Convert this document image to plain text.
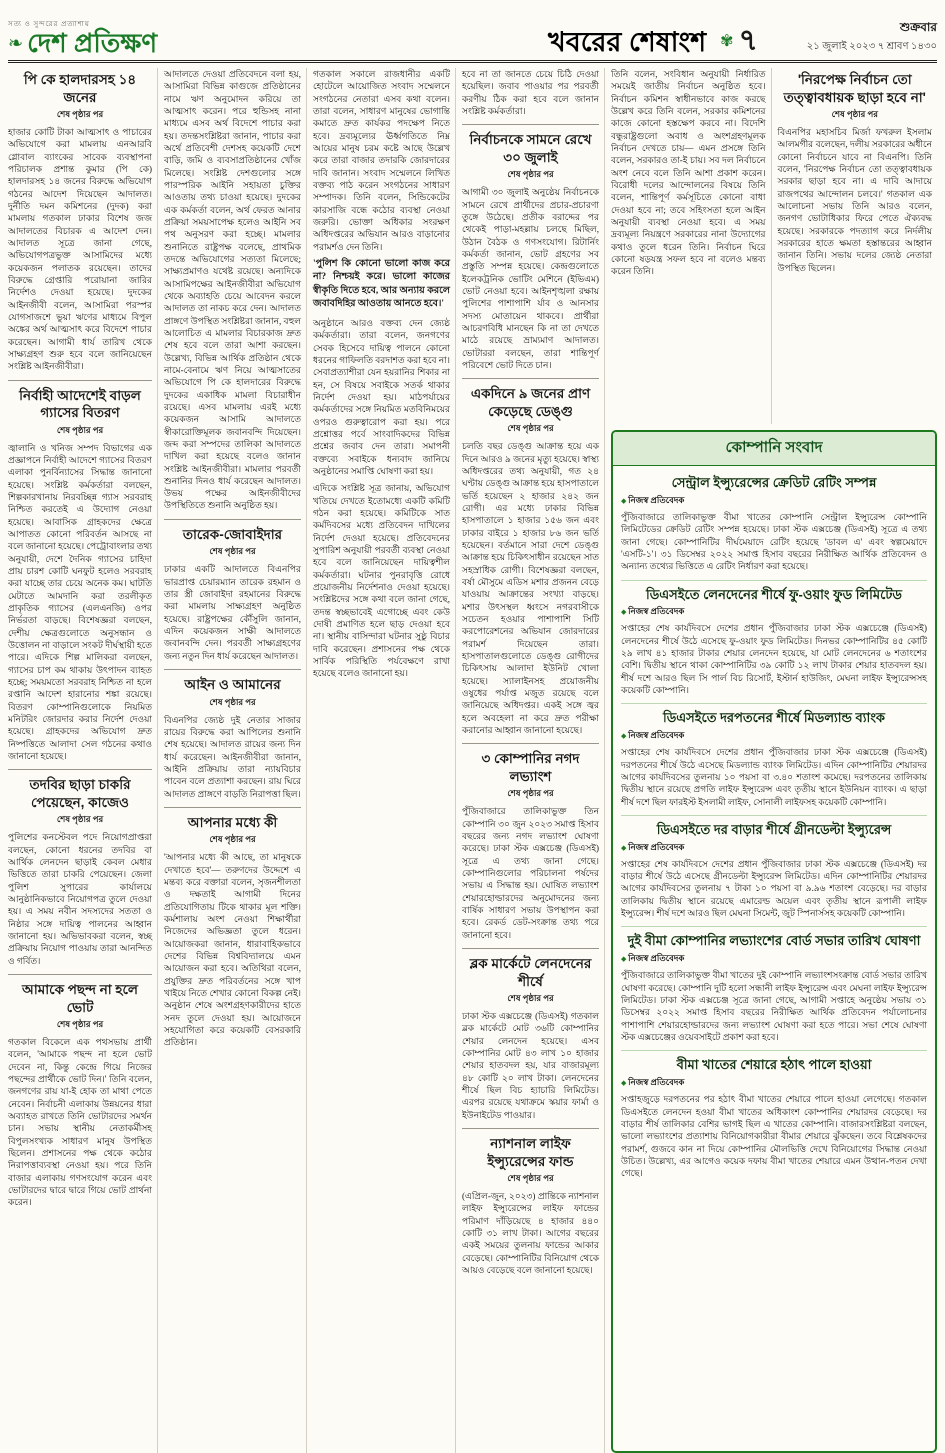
সত্য ও সুন্দরের প্রত্যাশায়
❧ দেশ প্রতিক্ষণ	খবরের শেষাংশ ✾ ৭	শুক্রবার
২১ জুলাই ২০২৩ ৭ শ্রাবণ ১৪৩০
পি কে হালদারসহ ১৪ জনের
শেষ পৃষ্ঠার পর
হাজার কোটি টাকা আত্মসাৎ ও পাচারের অভিযোগে করা মামলায় এনআরবি গ্লোবাল ব্যাংকের সাবেক ব্যবস্থাপনা পরিচালক প্রশান্ত কুমার (পি কে) হালদারসহ ১৪ জনের বিরুদ্ধে অভিযোগ গঠনের আদেশ দিয়েছেন আদালত। দুর্নীতি দমন কমিশনের (দুদক) করা মামলায় গতকাল ঢাকার বিশেষ জজ আদালতের বিচারক এ আদেশ দেন। আদালত সূত্রে জানা গেছে, অভিযোগপত্রভুক্ত আসামিদের মধ্যে কয়েকজন পলাতক রয়েছেন। তাদের বিরুদ্ধে গ্রেপ্তারি পরোয়ানা জারির নির্দেশও দেওয়া হয়েছে। দুদকের আইনজীবী বলেন, আসামিরা পরস্পর যোগসাজশে ভুয়া ঋণের মাধ্যমে বিপুল অঙ্কের অর্থ আত্মসাৎ করে বিদেশে পাচার করেছেন। আগামী ধার্য তারিখ থেকে সাক্ষ্যগ্রহণ শুরু হবে বলে জানিয়েছেন সংশ্লিষ্ট আইনজীবীরা।
নির্বাহী আদেশেই বাড়ল গ্যাসের বিতরণ
শেষ পৃষ্ঠার পর
জ্বালানি ও খনিজ সম্পদ বিভাগের এক প্রজ্ঞাপনে নির্বাহী আদেশে গ্যাসের বিতরণ এলাকা পুনর্বিন্যাসের সিদ্ধান্ত জানানো হয়েছে। সংশ্লিষ্ট কর্মকর্তারা বলছেন, শিল্পকারখানায় নিরবচ্ছিন্ন গ্যাস সরবরাহ নিশ্চিত করতেই এ উদ্যোগ নেওয়া হয়েছে। আবাসিক গ্রাহকদের ক্ষেত্রে আপাতত কোনো পরিবর্তন আসছে না বলে জানানো হয়েছে। পেট্রোবাংলার তথ্য অনুযায়ী, দেশে দৈনিক গ্যাসের চাহিদা প্রায় চারশ কোটি ঘনফুট হলেও সরবরাহ করা যাচ্ছে তার চেয়ে অনেক কম। ঘাটতি মেটাতে আমদানি করা তরলীকৃত প্রাকৃতিক গ্যাসের (এলএনজি) ওপর নির্ভরতা বাড়ছে। বিশেষজ্ঞরা বলছেন, দেশীয় ক্ষেত্রগুলোতে অনুসন্ধান ও উত্তোলন না বাড়ালে সংকট দীর্ঘস্থায়ী হতে পারে। এদিকে শিল্প মালিকরা বলছেন, গ্যাসের চাপ কম থাকায় উৎপাদন ব্যাহত হচ্ছে; সময়মতো সরবরাহ নিশ্চিত না হলে রপ্তানি আদেশ হারানোর শঙ্কা রয়েছে। বিতরণ কোম্পানিগুলোকে নিয়মিত মনিটরিং জোরদার করার নির্দেশ দেওয়া হয়েছে। গ্রাহকদের অভিযোগ দ্রুত নিষ্পত্তিতে আলাদা সেল গঠনের কথাও জানানো হয়েছে।
তদবির ছাড়া চাকরি পেয়েছেন, কাজেও
শেষ পৃষ্ঠার পর
পুলিশের কনস্টেবল পদে নিয়োগপ্রাপ্তরা বলছেন, কোনো ধরনের তদবির বা আর্থিক লেনদেন ছাড়াই কেবল মেধার ভিত্তিতে তারা চাকরি পেয়েছেন। জেলা পুলিশ সুপারের কার্যালয়ে আনুষ্ঠানিকভাবে নিয়োগপত্র তুলে দেওয়া হয়। এ সময় নবীন সদস্যদের সততা ও নিষ্ঠার সঙ্গে দায়িত্ব পালনের আহ্বান জানানো হয়। অভিভাবকরা বলেন, স্বচ্ছ প্রক্রিয়ায় নিয়োগ পাওয়ায় তারা আনন্দিত ও গর্বিত।
আমাকে পছন্দ না হলে ভোট
শেষ পৃষ্ঠার পর
গতকাল বিকেলে এক পথসভায় প্রার্থী বলেন, 'আমাকে পছন্দ না হলে ভোট দেবেন না, কিন্তু কেন্দ্রে গিয়ে নিজের পছন্দের প্রার্থীকে ভোট দিন।' তিনি বলেন, জনগণের রায় যা-ই হোক তা মাথা পেতে নেবেন। নির্বাচনী এলাকায় উন্নয়নের ধারা অব্যাহত রাখতে তিনি ভোটারদের সমর্থন চান। সভায় স্থানীয় নেতাকর্মীসহ বিপুলসংখ্যক সাধারণ মানুষ উপস্থিত ছিলেন। প্রশাসনের পক্ষ থেকে কঠোর নিরাপত্তাব্যবস্থা নেওয়া হয়। পরে তিনি বাজার এলাকায় গণসংযোগ করেন এবং ভোটারদের দ্বারে দ্বারে গিয়ে ভোট প্রার্থনা করেন।
আদালতে দেওয়া প্রতিবেদনে বলা হয়, আসামিরা বিভিন্ন কাগুজে প্রতিষ্ঠানের নামে ঋণ অনুমোদন করিয়ে তা আত্মসাৎ করেন। পরে হুন্ডিসহ নানা মাধ্যমে এসব অর্থ বিদেশে পাচার করা হয়। তদন্তসংশ্লিষ্টরা জানান, পাচার করা অর্থে প্রতিবেশী দেশসহ কয়েকটি দেশে বাড়ি, জমি ও ব্যবসাপ্রতিষ্ঠানের খোঁজ মিলেছে। সংশ্লিষ্ট দেশগুলোর সঙ্গে পারস্পরিক আইনি সহায়তা চুক্তির আওতায় তথ্য চাওয়া হয়েছে। দুদকের এক কর্মকর্তা বলেন, অর্থ ফেরত আনার প্রক্রিয়া সময়সাপেক্ষ হলেও আইনি সব পথ অনুসরণ করা হচ্ছে। মামলার শুনানিতে রাষ্ট্রপক্ষ বলেছে, প্রাথমিক তদন্তে অভিযোগের সত্যতা মিলেছে; সাক্ষ্যপ্রমাণও যথেষ্ট রয়েছে। অন্যদিকে আসামিপক্ষের আইনজীবীরা অভিযোগ থেকে অব্যাহতি চেয়ে আবেদন করলে আদালত তা নাকচ করে দেন। আদালত প্রাঙ্গণে উপস্থিত সংশ্লিষ্টরা জানান, বহুল আলোচিত এ মামলার বিচারকাজ দ্রুত শেষ হবে বলে তারা আশা করছেন। উল্লেখ্য, বিভিন্ন আর্থিক প্রতিষ্ঠান থেকে নামে-বেনামে ঋণ নিয়ে আত্মসাতের অভিযোগে পি কে হালদারের বিরুদ্ধে দুদকের একাধিক মামলা বিচারাধীন রয়েছে। এসব মামলায় এরই মধ্যে কয়েকজন আসামি আদালতে স্বীকারোক্তিমূলক জবানবন্দি দিয়েছেন। জব্দ করা সম্পদের তালিকা আদালতে দাখিল করা হয়েছে বলেও জানান সংশ্লিষ্ট আইনজীবীরা। মামলার পরবর্তী শুনানির দিনও ধার্য করেছেন আদালত। উভয় পক্ষের আইনজীবীদের উপস্থিতিতে শুনানি অনুষ্ঠিত হয়।
তারেক-জোবাইদার
শেষ পৃষ্ঠার পর
ঢাকার একটি আদালতে বিএনপির ভারপ্রাপ্ত চেয়ারম্যান তারেক রহমান ও তার স্ত্রী জোবাইদা রহমানের বিরুদ্ধে করা মামলায় সাক্ষ্যগ্রহণ অনুষ্ঠিত হয়েছে। রাষ্ট্রপক্ষের কৌঁসুলি জানান, এদিন কয়েকজন সাক্ষী আদালতে জবানবন্দি দেন। পরবর্তী সাক্ষ্যগ্রহণের জন্য নতুন দিন ধার্য করেছেন আদালত।
আইন ও আমানের
শেষ পৃষ্ঠার পর
বিএনপির জ্যেষ্ঠ দুই নেতার সাজার রায়ের বিরুদ্ধে করা আপিলের শুনানি শেষ হয়েছে। আদালত রায়ের জন্য দিন ধার্য করেছেন। আইনজীবীরা জানান, আইনি প্রক্রিয়ায় তারা ন্যায়বিচার পাবেন বলে প্রত্যাশা করছেন। রায় ঘিরে আদালত প্রাঙ্গণে বাড়তি নিরাপত্তা ছিল।
আপনার মধ্যে কী
শেষ পৃষ্ঠার পর
'আপনার মধ্যে কী আছে, তা মানুষকে দেখাতে হবে'— তরুণদের উদ্দেশে এ মন্তব্য করে বক্তারা বলেন, সৃজনশীলতা ও দক্ষতাই আগামী দিনের প্রতিযোগিতায় টিকে থাকার মূল শক্তি। কর্মশালায় অংশ নেওয়া শিক্ষার্থীরা নিজেদের অভিজ্ঞতা তুলে ধরেন। আয়োজকরা জানান, ধারাবাহিকভাবে দেশের বিভিন্ন বিশ্ববিদ্যালয়ে এমন আয়োজন করা হবে। অতিথিরা বলেন, প্রযুক্তির দ্রুত পরিবর্তনের সঙ্গে খাপ খাইয়ে নিতে শেখার কোনো বিকল্প নেই। অনুষ্ঠান শেষে অংশগ্রহণকারীদের হাতে সনদ তুলে দেওয়া হয়। আয়োজনে সহযোগিতা করে কয়েকটি বেসরকারি প্রতিষ্ঠান।
গতকাল সকালে রাজধানীর একটি হোটেলে আয়োজিত সংবাদ সম্মেলনে সংগঠনের নেতারা এসব কথা বলেন। তারা বলেন, সাধারণ মানুষের ভোগান্তি কমাতে দ্রুত কার্যকর পদক্ষেপ নিতে হবে। দ্রব্যমূল্যের ঊর্ধ্বগতিতে নিম্ন আয়ের মানুষ চরম কষ্টে আছে উল্লেখ করে তারা বাজার তদারকি জোরদারের দাবি জানান। সংবাদ সম্মেলনে লিখিত বক্তব্য পাঠ করেন সংগঠনের সাধারণ সম্পাদক। তিনি বলেন, সিন্ডিকেটের কারসাজি বন্ধে কঠোর ব্যবস্থা নেওয়া জরুরি। ভোক্তা অধিকার সংরক্ষণ অধিদপ্তরের অভিযান আরও বাড়ানোর পরামর্শও দেন তিনি।
'পুলিশ কি কোনো ভালো কাজ করে না? নিশ্চয়ই করে। ভালো কাজের স্বীকৃতি দিতে হবে, আর অন্যায় করলে জবাবদিহির আওতায় আনতে হবে।'
অনুষ্ঠানে আরও বক্তব্য দেন জ্যেষ্ঠ কর্মকর্তারা। তারা বলেন, জনগণের সেবক হিসেবে দায়িত্ব পালনে কোনো ধরনের গাফিলতি বরদাশত করা হবে না। সেবাপ্রত্যাশীরা যেন হয়রানির শিকার না হন, সে বিষয়ে সবাইকে সতর্ক থাকার নির্দেশ দেওয়া হয়। মাঠপর্যায়ের কর্মকর্তাদের সঙ্গে নিয়মিত মতবিনিময়ের ওপরও গুরুত্বারোপ করা হয়। পরে প্রশ্নোত্তর পর্বে সাংবাদিকদের বিভিন্ন প্রশ্নের জবাব দেন তারা। সমাপনী বক্তব্যে সবাইকে ধন্যবাদ জানিয়ে অনুষ্ঠানের সমাপ্তি ঘোষণা করা হয়।
এদিকে সংশ্লিষ্ট সূত্র জানায়, অভিযোগ খতিয়ে দেখতে ইতোমধ্যে একটি কমিটি গঠন করা হয়েছে। কমিটিকে সাত কর্মদিবসের মধ্যে প্রতিবেদন দাখিলের নির্দেশ দেওয়া হয়েছে। প্রতিবেদনের সুপারিশ অনুযায়ী পরবর্তী ব্যবস্থা নেওয়া হবে বলে জানিয়েছেন দায়িত্বশীল কর্মকর্তারা। ঘটনার পুনরাবৃত্তি রোধে প্রয়োজনীয় নির্দেশনাও দেওয়া হয়েছে। সংশ্লিষ্টদের সঙ্গে কথা বলে জানা গেছে, তদন্ত স্বচ্ছভাবেই এগোচ্ছে এবং কেউ দোষী প্রমাণিত হলে ছাড় দেওয়া হবে না। স্থানীয় বাসিন্দারা ঘটনার সুষ্ঠু বিচার দাবি করেছেন। প্রশাসনের পক্ষ থেকে সার্বিক পরিস্থিতি পর্যবেক্ষণে রাখা হয়েছে বলেও জানানো হয়।
হবে না তা জানতে চেয়ে চিঠি দেওয়া হয়েছিল। জবাব পাওয়ার পর পরবর্তী করণীয় ঠিক করা হবে বলে জানান সংশ্লিষ্ট কর্মকর্তারা।
নির্বাচনকে সামনে রেখে ৩০ জুলাই
শেষ পৃষ্ঠার পর
আগামী ৩০ জুলাই অনুষ্ঠেয় নির্বাচনকে সামনে রেখে প্রার্থীদের প্রচার-প্রচারণা তুঙ্গে উঠেছে। প্রতীক বরাদ্দের পর থেকেই পাড়া-মহল্লায় চলছে মিছিল, উঠান বৈঠক ও গণসংযোগ। রিটার্নিং কর্মকর্তা জানান, ভোট গ্রহণের সব প্রস্তুতি সম্পন্ন হয়েছে। কেন্দ্রগুলোতে ইলেকট্রনিক ভোটিং মেশিনে (ইভিএম) ভোট নেওয়া হবে। আইনশৃঙ্খলা রক্ষায় পুলিশের পাশাপাশি র্যাব ও আনসার সদস্য মোতায়েন থাকবে। প্রার্থীরা আচরণবিধি মানছেন কি না তা দেখতে মাঠে রয়েছে ভ্রাম্যমাণ আদালত। ভোটাররা বলছেন, তারা শান্তিপূর্ণ পরিবেশে ভোট দিতে চান।
একদিনে ৯ জনের প্রাণ কেড়েছে ডেঙ্গু
শেষ পৃষ্ঠার পর
চলতি বছর ডেঙ্গু আক্রান্ত হয়ে এক দিনে আরও ৯ জনের মৃত্যু হয়েছে। স্বাস্থ্য অধিদপ্তরের তথ্য অনুযায়ী, গত ২৪ ঘণ্টায় ডেঙ্গু আক্রান্ত হয়ে হাসপাতালে ভর্তি হয়েছেন ২ হাজার ২৪২ জন রোগী। এর মধ্যে ঢাকার বিভিন্ন হাসপাতালে ১ হাজার ১৫৬ জন এবং ঢাকার বাইরে ১ হাজার ৮৬ জন ভর্তি হয়েছেন। বর্তমানে সারা দেশে ডেঙ্গু আক্রান্ত হয়ে চিকিৎসাধীন রয়েছেন সাত সহস্রাধিক রোগী। বিশেষজ্ঞরা বলছেন, বর্ষা মৌসুমে এডিস মশার প্রজনন বেড়ে যাওয়ায় আক্রান্তের সংখ্যা বাড়ছে। মশার উৎসস্থল ধ্বংসে নগরবাসীকে সচেতন হওয়ার পাশাপাশি সিটি করপোরেশনের অভিযান জোরদারের পরামর্শ দিয়েছেন তারা। হাসপাতালগুলোতে ডেঙ্গু রোগীদের চিকিৎসায় আলাদা ইউনিট খোলা হয়েছে। স্যালাইনসহ প্রয়োজনীয় ওষুধের পর্যাপ্ত মজুত রয়েছে বলে জানিয়েছে অধিদপ্তর। একই সঙ্গে জ্বর হলে অবহেলা না করে দ্রুত পরীক্ষা করানোর আহ্বান জানানো হয়েছে।
৩ কোম্পানির নগদ লভ্যাংশ
শেষ পৃষ্ঠার পর
পুঁজিবাজারে তালিকাভুক্ত তিন কোম্পানি ৩০ জুন ২০২৩ সমাপ্ত হিসাব বছরের জন্য নগদ লভ্যাংশ ঘোষণা করেছে। ঢাকা স্টক এক্সচেঞ্জ (ডিএসই) সূত্রে এ তথ্য জানা গেছে। কোম্পানিগুলোর পরিচালনা পর্ষদের সভায় এ সিদ্ধান্ত হয়। ঘোষিত লভ্যাংশ শেয়ারহোল্ডারদের অনুমোদনের জন্য বার্ষিক সাধারণ সভায় উপস্থাপন করা হবে। রেকর্ড ডেট-সংক্রান্ত তথ্য পরে জানানো হবে।
ব্লক মার্কেটে লেনদেনের শীর্ষে
শেষ পৃষ্ঠার পর
ঢাকা স্টক এক্সচেঞ্জে (ডিএসই) গতকাল ব্লক মার্কেটে মোট ৩৬টি কোম্পানির শেয়ার লেনদেন হয়েছে। এসব কোম্পানির মোট ৪৩ লাখ ১০ হাজার শেয়ার হাতবদল হয়, যার বাজারমূল্য ৪৮ কোটি ২০ লাখ টাকা। লেনদেনের শীর্ষে ছিল বিচ হ্যাচারি লিমিটেড। এরপর রয়েছে যথাক্রমে স্কয়ার ফার্মা ও ইউনাইটেড পাওয়ার।
ন্যাশনাল লাইফ ইন্স্যুরেন্সের ফান্ড
শেষ পৃষ্ঠার পর
(এপ্রিল-জুন, ২০২৩) প্রান্তিকে ন্যাশনাল লাইফ ইন্স্যুরেন্সের লাইফ ফান্ডের পরিমাণ দাঁড়িয়েছে ৪ হাজার ৪৪০ কোটি ৩১ লাখ টাকা। আগের বছরের একই সময়ের তুলনায় ফান্ডের আকার বেড়েছে। কোম্পানিটির বিনিয়োগ থেকে আয়ও বেড়েছে বলে জানানো হয়েছে।
তিনি বলেন, সংবিধান অনুযায়ী নির্ধারিত সময়েই জাতীয় নির্বাচন অনুষ্ঠিত হবে। নির্বাচন কমিশন স্বাধীনভাবে কাজ করছে উল্লেখ করে তিনি বলেন, সরকার কমিশনের কাজে কোনো হস্তক্ষেপ করবে না। বিদেশি বন্ধুরাষ্ট্রগুলো অবাধ ও অংশগ্রহণমূলক নির্বাচন দেখতে চায়— এমন প্রসঙ্গে তিনি বলেন, সরকারও তা-ই চায়। সব দল নির্বাচনে অংশ নেবে বলে তিনি আশা প্রকাশ করেন। বিরোধী দলের আন্দোলনের বিষয়ে তিনি বলেন, শান্তিপূর্ণ কর্মসূচিতে কোনো বাধা দেওয়া হবে না; তবে সহিংসতা হলে আইন অনুযায়ী ব্যবস্থা নেওয়া হবে। এ সময় দ্রব্যমূল্য নিয়ন্ত্রণে সরকারের নানা উদ্যোগের কথাও তুলে ধরেন তিনি। নির্বাচন ঘিরে কোনো ষড়যন্ত্র সফল হবে না বলেও মন্তব্য করেন তিনি।
'নিরপেক্ষ নির্বাচন তো তত্ত্বাবধায়ক ছাড়া হবে না'
শেষ পৃষ্ঠার পর
বিএনপির মহাসচিব মির্জা ফখরুল ইসলাম আলমগীর বলেছেন, দলীয় সরকারের অধীনে কোনো নির্বাচনে যাবে না বিএনপি। তিনি বলেন, 'নিরপেক্ষ নির্বাচন তো তত্ত্বাবধায়ক সরকার ছাড়া হবে না। এ দাবি আদায়ে রাজপথের আন্দোলন চলবে।' গতকাল এক আলোচনা সভায় তিনি আরও বলেন, জনগণ ভোটাধিকার ফিরে পেতে ঐক্যবদ্ধ হয়েছে। সরকারকে পদত্যাগ করে নির্দলীয় সরকারের হাতে ক্ষমতা হস্তান্তরের আহ্বান জানান তিনি। সভায় দলের জ্যেষ্ঠ নেতারা উপস্থিত ছিলেন।
কোম্পানি সংবাদ
সেন্ট্রাল ইন্স্যুরেন্সের ক্রেডিট রেটিং সম্পন্ন
◆ নিজস্ব প্রতিবেদক
পুঁজিবাজারে তালিকাভুক্ত বীমা খাতের কোম্পানি সেন্ট্রাল ইন্স্যুরেন্স কোম্পানি লিমিটেডের ক্রেডিট রেটিং সম্পন্ন হয়েছে। ঢাকা স্টক এক্সচেঞ্জ (ডিএসই) সূত্রে এ তথ্য জানা গেছে। কোম্পানিটির দীর্ঘমেয়াদে রেটিং হয়েছে 'ডাবল এ' এবং স্বল্পমেয়াদে 'এসটি-১'। ৩১ ডিসেম্বর ২০২২ সমাপ্ত হিসাব বছরের নিরীক্ষিত আর্থিক প্রতিবেদন ও অন্যান্য তথ্যের ভিত্তিতে এ রেটিং নির্ধারণ করা হয়েছে।
ডিএসইতে লেনদেনের শীর্ষে ফু-ওয়াং ফুড লিমিটেড
◆ নিজস্ব প্রতিবেদক
সপ্তাহের শেষ কার্যদিবসে দেশের প্রধান পুঁজিবাজার ঢাকা স্টক এক্সচেঞ্জে (ডিএসই) লেনদেনের শীর্ষে উঠে এসেছে ফু-ওয়াং ফুড লিমিটেড। দিনভর কোম্পানিটির ৪৫ কোটি ২৯ লাখ ৪১ হাজার টাকার শেয়ার লেনদেন হয়েছে, যা মোট লেনদেনের ৬ শতাংশের বেশি। দ্বিতীয় স্থানে থাকা কোম্পানিটির ৩৯ কোটি ১২ লাখ টাকার শেয়ার হাতবদল হয়। শীর্ষ দশে আরও ছিল সি পার্ল বিচ রিসোর্ট, ইস্টার্ন হাউজিং, মেঘনা লাইফ ইন্স্যুরেন্সসহ কয়েকটি কোম্পানি।
ডিএসইতে দরপতনের শীর্ষে মিডল্যান্ড ব্যাংক
◆ নিজস্ব প্রতিবেদক
সপ্তাহের শেষ কার্যদিবসে দেশের প্রধান পুঁজিবাজার ঢাকা স্টক এক্সচেঞ্জে (ডিএসই) দরপতনের শীর্ষে উঠে এসেছে মিডল্যান্ড ব্যাংক লিমিটেড। এদিন কোম্পানিটির শেয়ারদর আগের কার্যদিবসের তুলনায় ১০ পয়সা বা ৩.৪০ শতাংশ কমেছে। দরপতনের তালিকায় দ্বিতীয় স্থানে রয়েছে প্রগতি লাইফ ইন্স্যুরেন্স এবং তৃতীয় স্থানে ইউনিয়ন ব্যাংক। এ ছাড়া শীর্ষ দশে ছিল ফারইস্ট ইসলামী লাইফ, সোনালী লাইফসহ কয়েকটি কোম্পানি।
ডিএসইতে দর বাড়ার শীর্ষে গ্রীনডেল্টা ইন্স্যুরেন্স
◆ নিজস্ব প্রতিবেদক
সপ্তাহের শেষ কার্যদিবসে দেশের প্রধান পুঁজিবাজার ঢাকা স্টক এক্সচেঞ্জে (ডিএসই) দর বাড়ার শীর্ষে উঠে এসেছে গ্রীনডেল্টা ইন্স্যুরেন্স লিমিটেড। এদিন কোম্পানিটির শেয়ারদর আগের কার্যদিবসের তুলনায় ৭ টাকা ১০ পয়সা বা ৯.৯৬ শতাংশ বেড়েছে। দর বাড়ার তালিকায় দ্বিতীয় স্থানে রয়েছে এমারেল্ড অয়েল এবং তৃতীয় স্থানে রূপালী লাইফ ইন্স্যুরেন্স। শীর্ষ দশে আরও ছিল মেঘনা সিমেন্ট, জুট স্পিনার্সসহ কয়েকটি কোম্পানি।
দুই বীমা কোম্পানির লভ্যাংশের বোর্ড সভার তারিখ ঘোষণা
◆ নিজস্ব প্রতিবেদক
পুঁজিবাজারে তালিকাভুক্ত বীমা খাতের দুই কোম্পানি লভ্যাংশসংক্রান্ত বোর্ড সভার তারিখ ঘোষণা করেছে। কোম্পানি দুটি হলো সন্ধানী লাইফ ইন্স্যুরেন্স এবং মেঘনা লাইফ ইন্স্যুরেন্স লিমিটেড। ঢাকা স্টক এক্সচেঞ্জ সূত্রে জানা গেছে, আগামী সপ্তাহে অনুষ্ঠেয় সভায় ৩১ ডিসেম্বর ২০২২ সমাপ্ত হিসাব বছরের নিরীক্ষিত আর্থিক প্রতিবেদন পর্যালোচনার পাশাপাশি শেয়ারহোল্ডারদের জন্য লভ্যাংশ ঘোষণা করা হতে পারে। সভা শেষে ঘোষণা স্টক এক্সচেঞ্জের ওয়েবসাইটে প্রকাশ করা হবে।
বীমা খাতের শেয়ারে হঠাৎ পালে হাওয়া
◆ নিজস্ব প্রতিবেদক
সপ্তাহজুড়ে দরপতনের পর হঠাৎ বীমা খাতের শেয়ারে পালে হাওয়া লেগেছে। গতকাল ডিএসইতে লেনদেন হওয়া বীমা খাতের অধিকাংশ কোম্পানির শেয়ারদর বেড়েছে। দর বাড়ার শীর্ষ তালিকার বেশির ভাগই ছিল এ খাতের কোম্পানি। বাজারসংশ্লিষ্টরা বলছেন, ভালো লভ্যাংশের প্রত্যাশায় বিনিয়োগকারীরা বীমার শেয়ারে ঝুঁকছেন। তবে বিশ্লেষকদের পরামর্শ, গুজবে কান না দিয়ে কোম্পানির মৌলভিত্তি দেখে বিনিয়োগের সিদ্ধান্ত নেওয়া উচিত। উল্লেখ্য, এর আগেও কয়েক দফায় বীমা খাতের শেয়ারে এমন উত্থান-পতন দেখা গেছে।
